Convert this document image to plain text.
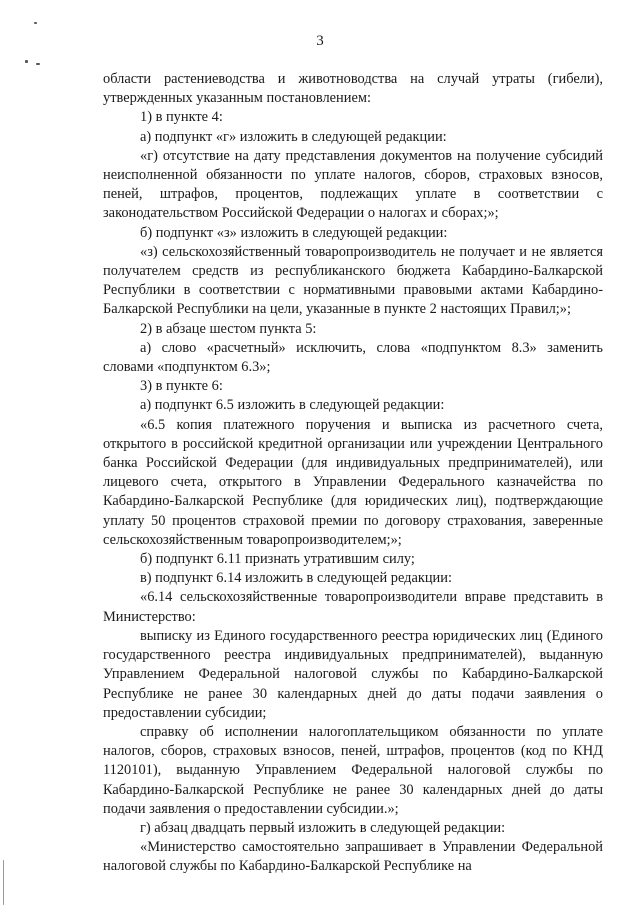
3

области растениеводства и животноводства на случай утраты (гибели), утвержденных указанным постановлением:

1) в пункте 4:

а) подпункт «г» изложить в следующей редакции:

«г) отсутствие на дату представления документов на получение субсидий неисполненной обязанности по уплате налогов, сборов, страховых взносов, пеней, штрафов, процентов, подлежащих уплате в соответствии с законодательством Российской Федерации о налогах и сборах;»;

б) подпункт «з» изложить в следующей редакции:

«з) сельскохозяйственный товаропроизводитель не получает и не является получателем средств из республиканского бюджета Кабардино-Балкарской Республики в соответствии с нормативными правовыми актами Кабардино-Балкарской Республики на цели, указанные в пункте 2 настоящих Правил;»;

2) в абзаце шестом пункта 5:

а) слово «расчетный» исключить, слова «подпунктом 8.3» заменить словами «подпунктом 6.3»;

3) в пункте 6:

а) подпункт 6.5 изложить в следующей редакции:

«6.5 копия платежного поручения и выписка из расчетного счета, открытого в российской кредитной организации или учреждении Центрального банка Российской Федерации (для индивидуальных предпринимателей), или лицевого счета, открытого в Управлении Федерального казначейства по Кабардино-Балкарской Республике (для юридических лиц), подтверждающие уплату 50 процентов страховой премии по договору страхования, заверенные сельскохозяйственным товаропроизводителем;»;

б) подпункт 6.11 признать утратившим силу;

в) подпункт 6.14 изложить в следующей редакции:

«6.14 сельскохозяйственные товаропроизводители вправе представить в Министерство:

выписку из Единого государственного реестра юридических лиц (Единого государственного реестра индивидуальных предпринимателей), выданную Управлением Федеральной налоговой службы по Кабардино-Балкарской Республике не ранее 30 календарных дней до даты подачи заявления о предоставлении субсидии;

справку об исполнении налогоплательщиком обязанности по уплате налогов, сборов, страховых взносов, пеней, штрафов, процентов (код по КНД 1120101), выданную Управлением Федеральной налоговой службы по Кабардино-Балкарской Республике не ранее 30 календарных дней до даты подачи заявления о предоставлении субсидии.»;

г) абзац двадцать первый изложить в следующей редакции:

«Министерство самостоятельно запрашивает в Управлении Федеральной налоговой службы по Кабардино-Балкарской Республике на
